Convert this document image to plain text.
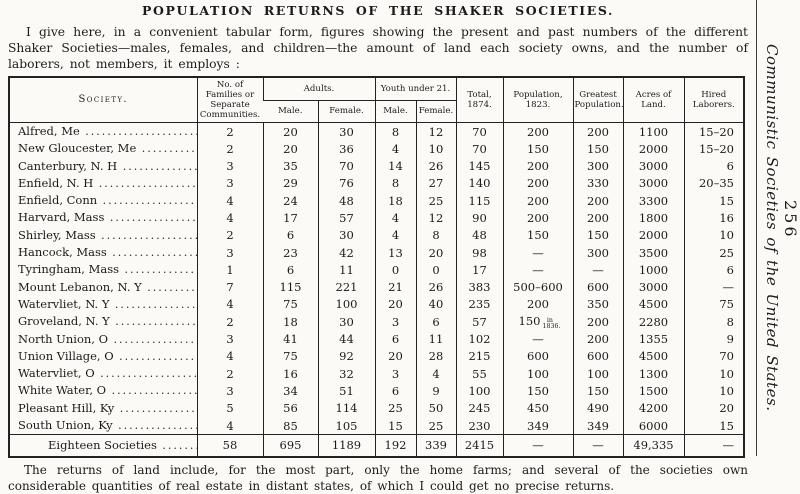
POPULATION RETURNS OF THE SHAKER SOCIETIES.

I give here, in a convenient tabular form, figures showing the present and past numbers of the different Shaker Societies—males, females, and children—the amount of land each society owns, and the number of laborers, not members, it employs :

Society.	No. of Families or Separate Communities.	Adults.		Youth under 21.		Total, 1874.	Population, 1823.	Greatest Population.	Acres of Land.	Hired Laborers.
		Male.	Female.	Male.	Female.					
Alfred, Me .....	2	20	30	8	12	70	200	200	1100	15–20
New Gloucester, Me .....	2	20	36	4	10	70	150	150	2000	15–20
Canterbury, N. H .....	3	35	70	14	26	145	200	300	3000	6
Enfield, N. H .....	3	29	76	8	27	140	200	330	3000	20–35
Enfield, Conn .....	4	24	48	18	25	115	200	200	3300	15
Harvard, Mass .....	4	17	57	4	12	90	200	200	1800	16
Shirley, Mass .....	2	6	30	4	8	48	150	150	2000	10
Hancock, Mass .....	3	23	42	13	20	98	—	300	3500	25
Tyringham, Mass .....	1	6	11	0	0	17	—	—	1000	6
Mount Lebanon, N. Y .....	7	115	221	21	26	383	500–600	600	3000	—
Watervliet, N. Y .....	4	75	100	20	40	235	200	350	4500	75
Groveland, N. Y .....	2	18	30	3	6	57	150 in 1836.	200	2280	8
North Union, O .....	3	41	44	6	11	102	—	200	1355	9
Union Village, O .....	4	75	92	20	28	215	600	600	4500	70
Watervliet, O .....	2	16	32	3	4	55	100	100	1300	10
White Water, O .....	3	34	51	6	9	100	150	150	1500	10
Pleasant Hill, Ky .....	5	56	114	25	50	245	450	490	4200	20
South Union, Ky .....	4	85	105	15	25	230	349	349	6000	15
Eighteen Societies .....	58	695	1189	192	339	2415	—	—	49,335	—

The returns of land include, for the most part, only the home farms; and several of the societies own considerable quantities of real estate in distant states, of which I could get no precise returns.

256
Communistic Societies of the United States.
